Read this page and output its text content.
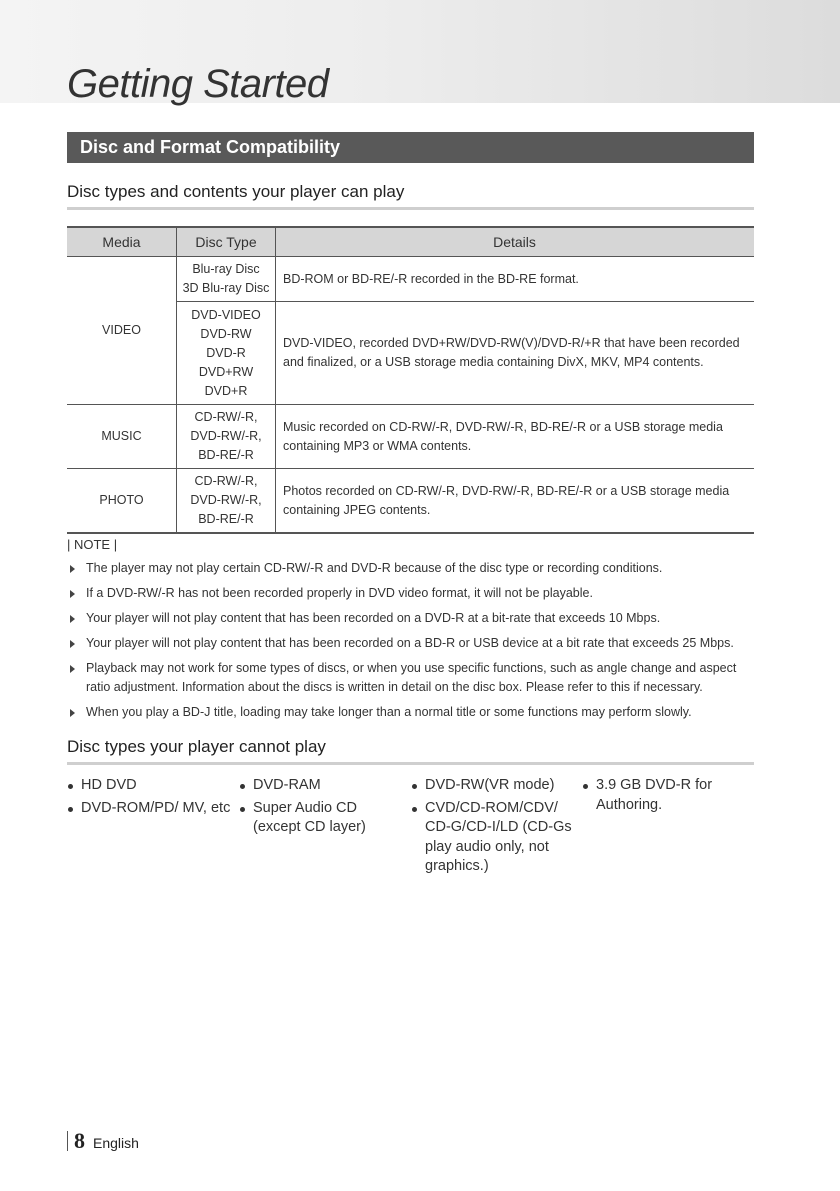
Getting Started
Disc and Format Compatibility
Disc types and contents your player can play
Media	Disc Type	Details
VIDEO	Blu-ray Disc
3D Blu-ray Disc	BD-ROM or BD-RE/-R recorded in the BD-RE format.

	DVD-VIDEO
DVD-RW
DVD-R
DVD+RW
DVD+R	DVD-VIDEO, recorded DVD+RW/DVD-RW(V)/DVD-R/+R that have been recorded and finalized, or a USB storage media containing DivX, MKV, MP4 contents.
MUSIC	CD-RW/-R,
DVD-RW/-R,
BD-RE/-R	Music recorded on CD-RW/-R, DVD-RW/-R, BD-RE/-R or a USB storage media containing MP3 or WMA contents.
PHOTO	CD-RW/-R,
DVD-RW/-R,
BD-RE/-R	Photos recorded on CD-RW/-R, DVD-RW/-R, BD-RE/-R or a USB storage media containing JPEG contents.
| NOTE |
The player may not play certain CD-RW/-R and DVD-R because of the disc type or recording conditions.
If a DVD-RW/-R has not been recorded properly in DVD video format, it will not be playable.
Your player will not play content that has been recorded on a DVD-R at a bit-rate that exceeds 10 Mbps.
Your player will not play content that has been recorded on a BD-R or USB device at a bit rate that exceeds 25 Mbps.
Playback may not work for some types of discs, or when you use specific functions, such as angle change and aspect ratio adjustment. Information about the discs is written in detail on the disc box. Please refer to this if necessary.
When you play a BD-J title, loading may take longer than a normal title or some functions may perform slowly.
Disc types your player cannot play
HD DVD
DVD-ROM/PD/ MV, etc
DVD-RAM
Super Audio CD (except CD layer)
DVD-RW(VR mode)
CVD/CD-ROM/CDV/ CD-G/CD-I/LD (CD-Gs play audio only, not graphics.)
3.9 GB DVD-R for Authoring.
8 English
